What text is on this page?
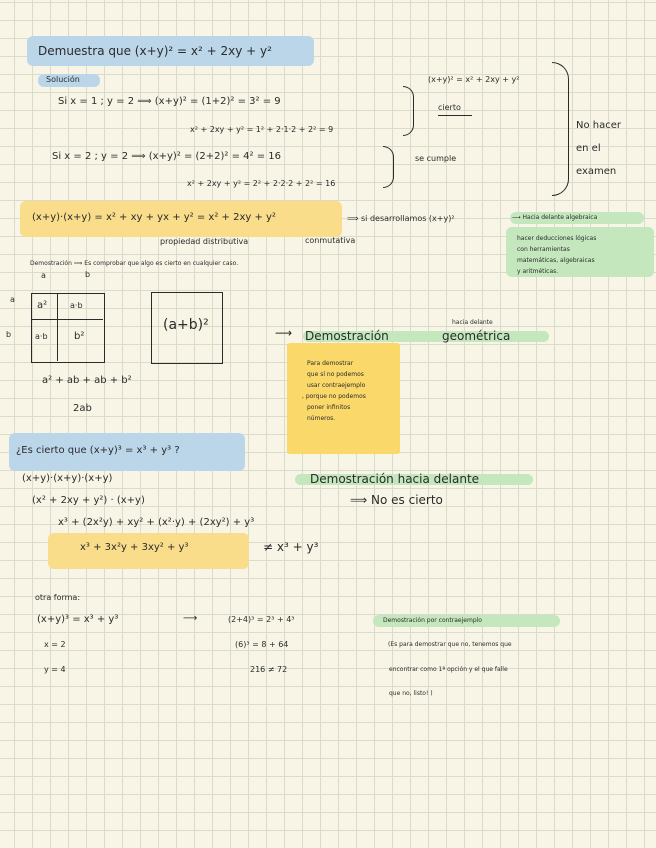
Demuestra que (x+y)² = x² + 2xy + y²
Solución
Si x = 1 ; y = 2 ⟹ (x+y)² = (1+2)² = 3² = 9
x² + 2xy + y² = 1² + 2·1·2 + 2² = 9
Si x = 2 ; y = 2 ⟹ (x+y)² = (2+2)² = 4² = 16
x² + 2xy + y² = 2² + 2·2·2 + 2² = 16
(x+y)² = x² + 2xy + y²
cierto
se cumple
No hacer
en el
examen
(x+y)·(x+y) = x² + xy + yx + y² = x² + 2xy + y²	⟹ si desarrollamos (x+y)²
propiedad distributiva	conmutativa
Demostración ⟹ Es comprobar que algo es cierto en cualquier caso.
⟶ Hacia delante algebraica
hacer deducciones lógicas
con herramientas
matemáticas, algebraicas
y aritméticas.
a	b
a
b
a²	a·b
a·b	b²
a² + ab + ab + b²
2ab
(a+b)²	⟶ Demostración	geométrica
hacia delante
Para demostrar
que sí no podemos
usar contraejemplo
, porque no podemos
poner infinitos
números.
¿Es cierto que (x+y)³ = x³ + y³ ?
(x+y)·(x+y)·(x+y)
(x² + 2xy + y²) · (x+y)
x³ + (2x²y) + xy² + (x²·y) + (2xy²) + y³
x³ + 3x²y + 3xy² + y³	≠ x³ + y³
Demostración hacia delante
⟹ No es cierto
otra forma:
(x+y)³ = x³ + y³	⟶
x = 2
y = 4
(2+4)³ = 2³ + 4³
(6)³ = 8 + 64
216 ≠ 72
Demostración por contraejemplo
(Es para demostrar que no, tenemos que
encontrar como 1ª opción y el que falle
que no, listo! )
